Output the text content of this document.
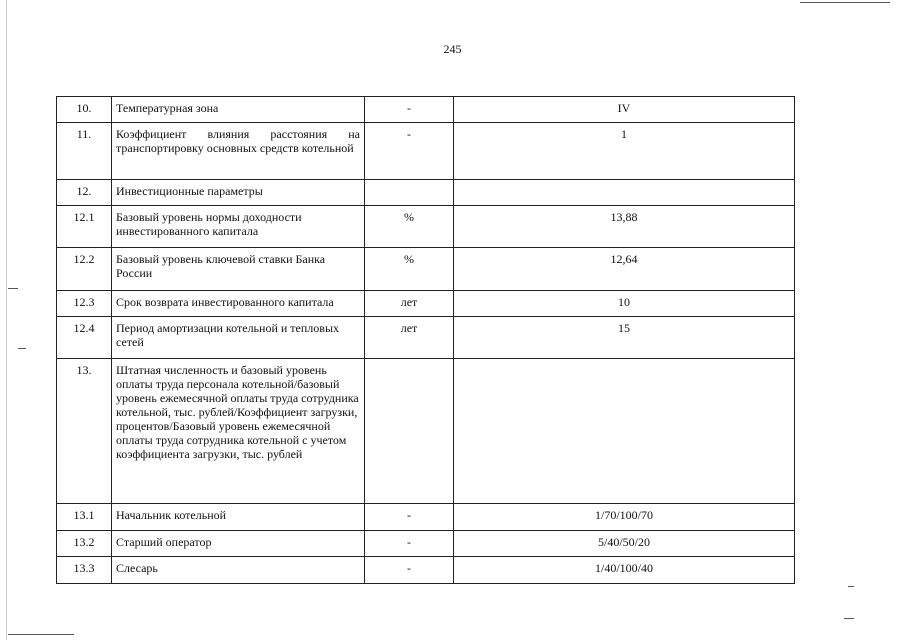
245
10.	Температурная зона	-	IV
11.	Коэффициент влияния расстояния на транспортировку основных средств котельной	-	1
12.	Инвестиционные параметры		
12.1	Базовый уровень нормы доходности инвестированного капитала	%	13,88
12.2	Базовый уровень ключевой ставки Банка России	%	12,64
12.3	Срок возврата инвестированного капитала	лет	10
12.4	Период амортизации котельной и тепловых сетей	лет	15
13.	Штатная численность и базовый уровень оплаты труда персонала котельной/базовый уровень ежемесячной оплаты труда сотрудника котельной, тыс. рублей/Коэффициент загрузки, процентов/Базовый уровень ежемесячной оплаты труда сотрудника котельной с учетом коэффициента загрузки, тыс. рублей		
13.1	Начальник котельной	-	1/70/100/70
13.2	Старший оператор	-	5/40/50/20
13.3	Слесарь	-	1/40/100/40
